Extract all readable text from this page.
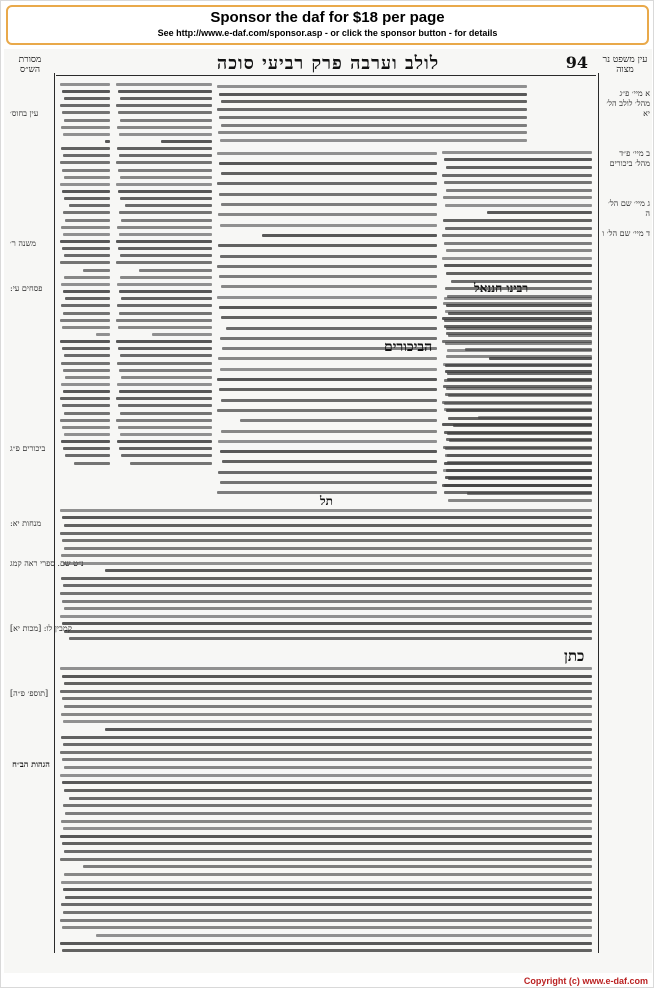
Sponsor the daf for $18 per page
See http://www.e-daf.com/sponsor.asp - or click the sponsor button - for details
מסורת הש״ס	לולב וערבה פרק רביעי סוכה	94 עין משפט נר מצוה
רבינו חננאל
הביכורים
כתן
תל
הגהות הב״ח
עין בחוס׳
משנה ר׳
פסחים עי:
ביכורים פ״ג
מנחות יא:
נ״ט שם. ספרי ראה קמג
קמבין לו: [מכות יא]
[תוספ׳ פ״ה]
א מיי׳ פ״ג מהל׳ לולב הל׳ יא
ב מיי׳ פ״ד מהל׳ ביכורים
ג מיי׳ שם הל׳ ה
ד מיי׳ שם הל׳ ו
Copyright (c) www.e-daf.com
